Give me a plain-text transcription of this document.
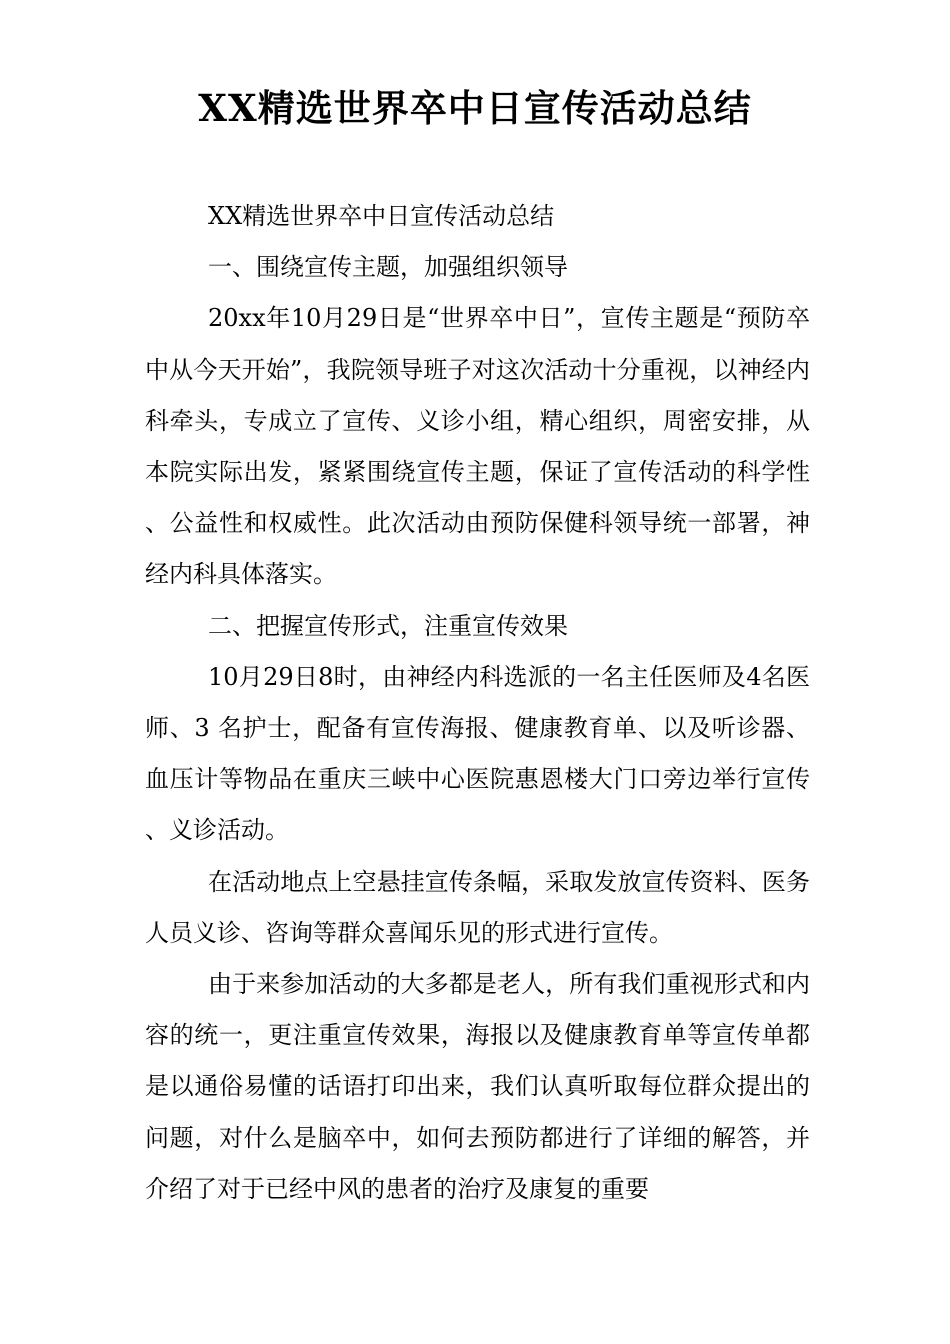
XX精选世界卒中日宣传活动总结

XX精选世界卒中日宣传活动总结

一、围绕宣传主题，加强组织领导

20xx年10月29日是“世界卒中日”，宣传主题是“预防卒中从今天开始”，我院领导班子对这次活动十分重视，以神经内科牵头，专成立了宣传、义诊小组，精心组织，周密安排，从本院实际出发，紧紧围绕宣传主题，保证了宣传活动的科学性、公益性和权威性。此次活动由预防保健科领导统一部署，神经内科具体落实。

二、把握宣传形式，注重宣传效果

10月29日8时，由神经内科选派的一名主任医师及4名医师、3 名护士，配备有宣传海报、健康教育单、以及听诊器、血压计等物品在重庆三峡中心医院惠恩楼大门口旁边举行宣传、义诊活动。

在活动地点上空悬挂宣传条幅，采取发放宣传资料、医务人员义诊、咨询等群众喜闻乐见的形式进行宣传。

由于来参加活动的大多都是老人，所有我们重视形式和内容的统一，更注重宣传效果，海报以及健康教育单等宣传单都是以通俗易懂的话语打印出来，我们认真听取每位群众提出的问题，对什么是脑卒中，如何去预防都进行了详细的解答，并介绍了对于已经中风的患者的治疗及康复的重要
